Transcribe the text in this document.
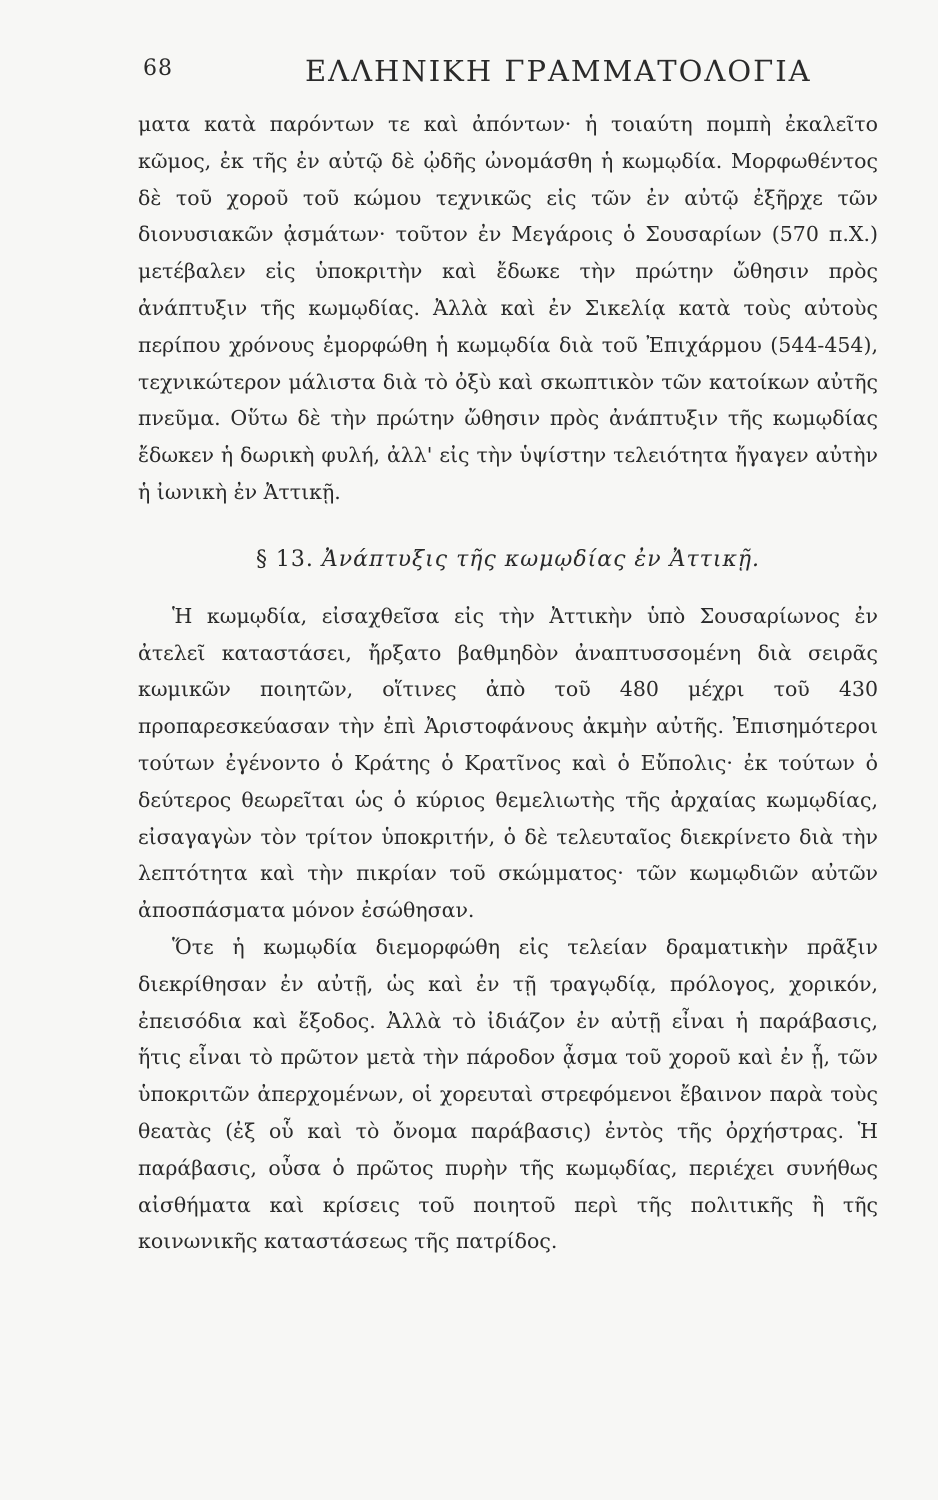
68	ΕΛΛΗΝΙΚΗ ΓΡΑΜΜΑΤΟΛΟΓΙΑ

ματα κατὰ παρόντων τε καὶ ἀπόντων· ἡ τοιαύτη πομπὴ ἐκαλεῖτο κῶμος, ἐκ τῆς ἐν αὐτῷ δὲ ᾠδῆς ὠνομάσθη ἡ κωμῳδία. Μορφωθέντος δὲ τοῦ χοροῦ τοῦ κώμου τεχνικῶς εἰς τῶν ἐν αὐτῷ ἐξῆρχε τῶν διονυσιακῶν ᾀσμάτων· τοῦτον ἐν Μεγάροις ὁ Σουσαρίων (570 π.Χ.) μετέβαλεν εἰς ὑποκριτὴν καὶ ἔδωκε τὴν πρώτην ὤθησιν πρὸς ἀνάπτυξιν τῆς κωμῳδίας. Ἀλλὰ καὶ ἐν Σικελίᾳ κατὰ τοὺς αὐτοὺς περίπου χρόνους ἐμορφώθη ἡ κωμῳδία διὰ τοῦ Ἐπιχάρμου (544-454), τεχνικώτερον μάλιστα διὰ τὸ ὀξὺ καὶ σκωπτικὸν τῶν κατοίκων αὐτῆς πνεῦμα. Οὕτω δὲ τὴν πρώτην ὤθησιν πρὸς ἀνάπτυξιν τῆς κωμῳδίας ἔδωκεν ἡ δωρικὴ φυλή, ἀλλ' εἰς τὴν ὑψίστην τελειότητα ἤγαγεν αὐτὴν ἡ ἰωνικὴ ἐν Ἀττικῇ.

§ 13. Ἀνάπτυξις τῆς κωμῳδίας ἐν Ἀττικῇ.

Ἡ κωμῳδία, εἰσαχθεῖσα εἰς τὴν Ἀττικὴν ὑπὸ Σουσαρίωνος ἐν ἀτελεῖ καταστάσει, ἤρξατο βαθμηδὸν ἀναπτυσσομένη διὰ σειρᾶς κωμικῶν ποιητῶν, οἵτινες ἀπὸ τοῦ 480 μέχρι τοῦ 430 προπαρεσκεύασαν τὴν ἐπὶ Ἀριστοφάνους ἀκμὴν αὐτῆς. Ἐπισημότεροι τούτων ἐγένοντο ὁ Κράτης ὁ Κρατῖνος καὶ ὁ Εὔπολις· ἐκ τούτων ὁ δεύτερος θεωρεῖται ὡς ὁ κύριος θεμελιωτὴς τῆς ἀρχαίας κωμῳδίας, εἰσαγαγὼν τὸν τρίτον ὑποκριτήν, ὁ δὲ τελευταῖος διεκρίνετο διὰ τὴν λεπτότητα καὶ τὴν πικρίαν τοῦ σκώμματος· τῶν κωμῳδιῶν αὐτῶν ἀποσπάσματα μόνον ἐσώθησαν.

Ὅτε ἡ κωμῳδία διεμορφώθη εἰς τελείαν δραματικὴν πρᾶξιν διεκρίθησαν ἐν αὐτῇ, ὡς καὶ ἐν τῇ τραγῳδίᾳ, πρόλογος, χορικόν, ἐπεισόδια καὶ ἔξοδος. Ἀλλὰ τὸ ἰδιάζον ἐν αὐτῇ εἶναι ἡ παράβασις, ἥτις εἶναι τὸ πρῶτον μετὰ τὴν πάροδον ᾆσμα τοῦ χοροῦ καὶ ἐν ᾗ, τῶν ὑποκριτῶν ἀπερχομένων, οἱ χορευταὶ στρεφόμενοι ἔβαινον παρὰ τοὺς θεατὰς (ἐξ οὗ καὶ τὸ ὄνομα παράβασις) ἐντὸς τῆς ὀρχήστρας. Ἡ παράβασις, οὖσα ὁ πρῶτος πυρὴν τῆς κωμῳδίας, περιέχει συνήθως αἰσθήματα καὶ κρίσεις τοῦ ποιητοῦ περὶ τῆς πολιτικῆς ἢ τῆς κοινωνικῆς καταστάσεως τῆς πατρίδος.
